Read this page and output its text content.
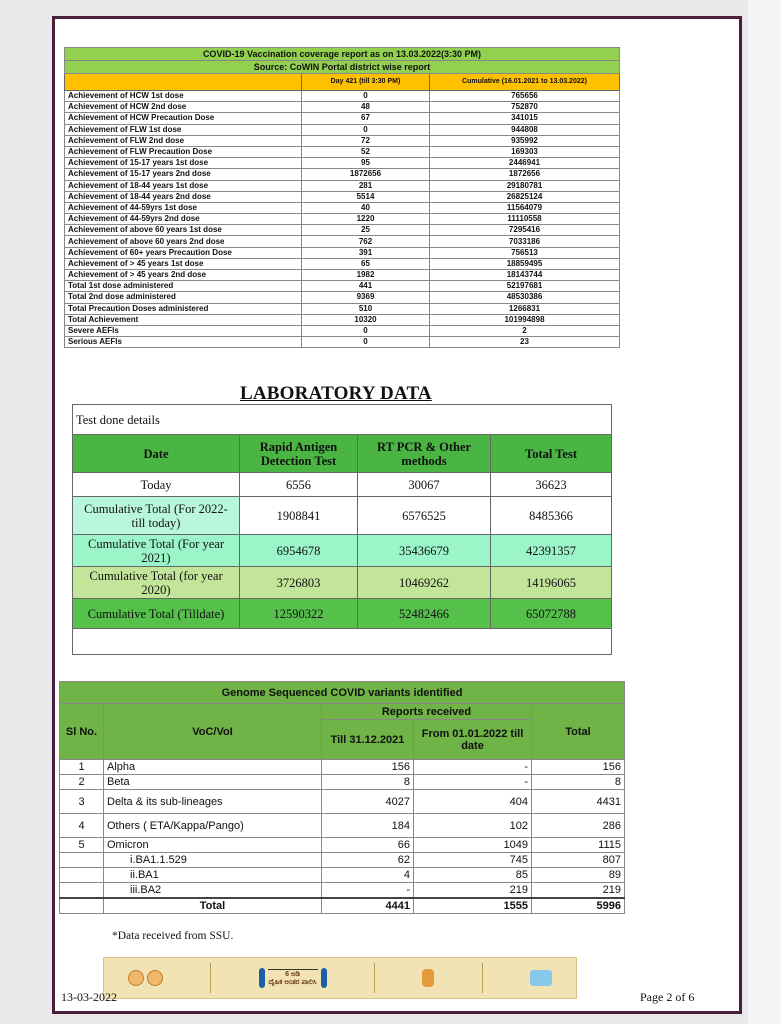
COVID-19 Vaccination coverage report as on 13.03.2022(3:30 PM)		
Source: CoWIN Portal district wise report		
	Day 421 (till 3:30 PM)	Cumulative (16.01.2021 to 13.03.2022)
Achievement of HCW 1st dose	0	765656
Achievement of HCW 2nd dose	48	752870
Achievement of HCW Precaution Dose	67	341015
Achievement of FLW 1st dose	0	944808
Achievement of FLW 2nd dose	72	935992
Achievement of FLW Precaution Dose	52	169303
Achievement of 15-17 years 1st dose	95	2446941
Achievement of 15-17 years 2nd dose	1872656	1872656
Achievement of 18-44 years 1st dose	281	29180781
Achievement of 18-44 years 2nd dose	5514	26825124
Achievement of 44-59yrs 1st dose	40	11564079
Achievement of 44-59yrs 2nd dose	1220	11110558
Achievement of above 60 years 1st dose	25	7295416
Achievement of above 60 years 2nd dose	762	7033186
Achievement of 60+ years Precaution Dose	391	756513
Achievement of > 45 years 1st dose	65	18859495
Achievement of > 45 years 2nd dose	1982	18143744
Total 1st dose administered	441	52197681
Total 2nd dose administered	9369	48530386
Total Precaution Doses administered	510	1266831
Total Achievement	10320	101994898
Severe AEFIs	0	2
Serious AEFIs	0	23
LABORATORY DATA
Test done details			
Date	Rapid Antigen Detection Test	RT PCR & Other methods	Total Test
Today	6556	30067	36623
Cumulative Total (For 2022- till today)	1908841	6576525	8485366
Cumulative Total (For year 2021)	6954678	35436679	42391357
Cumulative Total (for year 2020)	3726803	10469262	14196065
Cumulative Total (Tilldate)	12590322	52482466	65072788

Genome Sequenced COVID variants identified				
Sl No.	VoC/VoI	Reports received		Total
		Till 31.12.2021	From 01.01.2022 till date	
1	Alpha	156	-	156
2	Beta	8	-	8
3	Delta & its sub-lineages	4027	404	4431
4	Others ( ETA/Kappa/Pango)	184	102	286
5	Omicron	66	1049	1115
	i.BA1.1.529	62	745	807
	ii.BA1	4	85	89
	iii.BA2	-	219	219
	Total	4441	1555	5996
*Data received from SSU.
6 ಅಡಿ
ದೈಹಿಕ ಅಂತರ ಪಾಲಿಸಿ
13-03-2022	Page 2 of 6
